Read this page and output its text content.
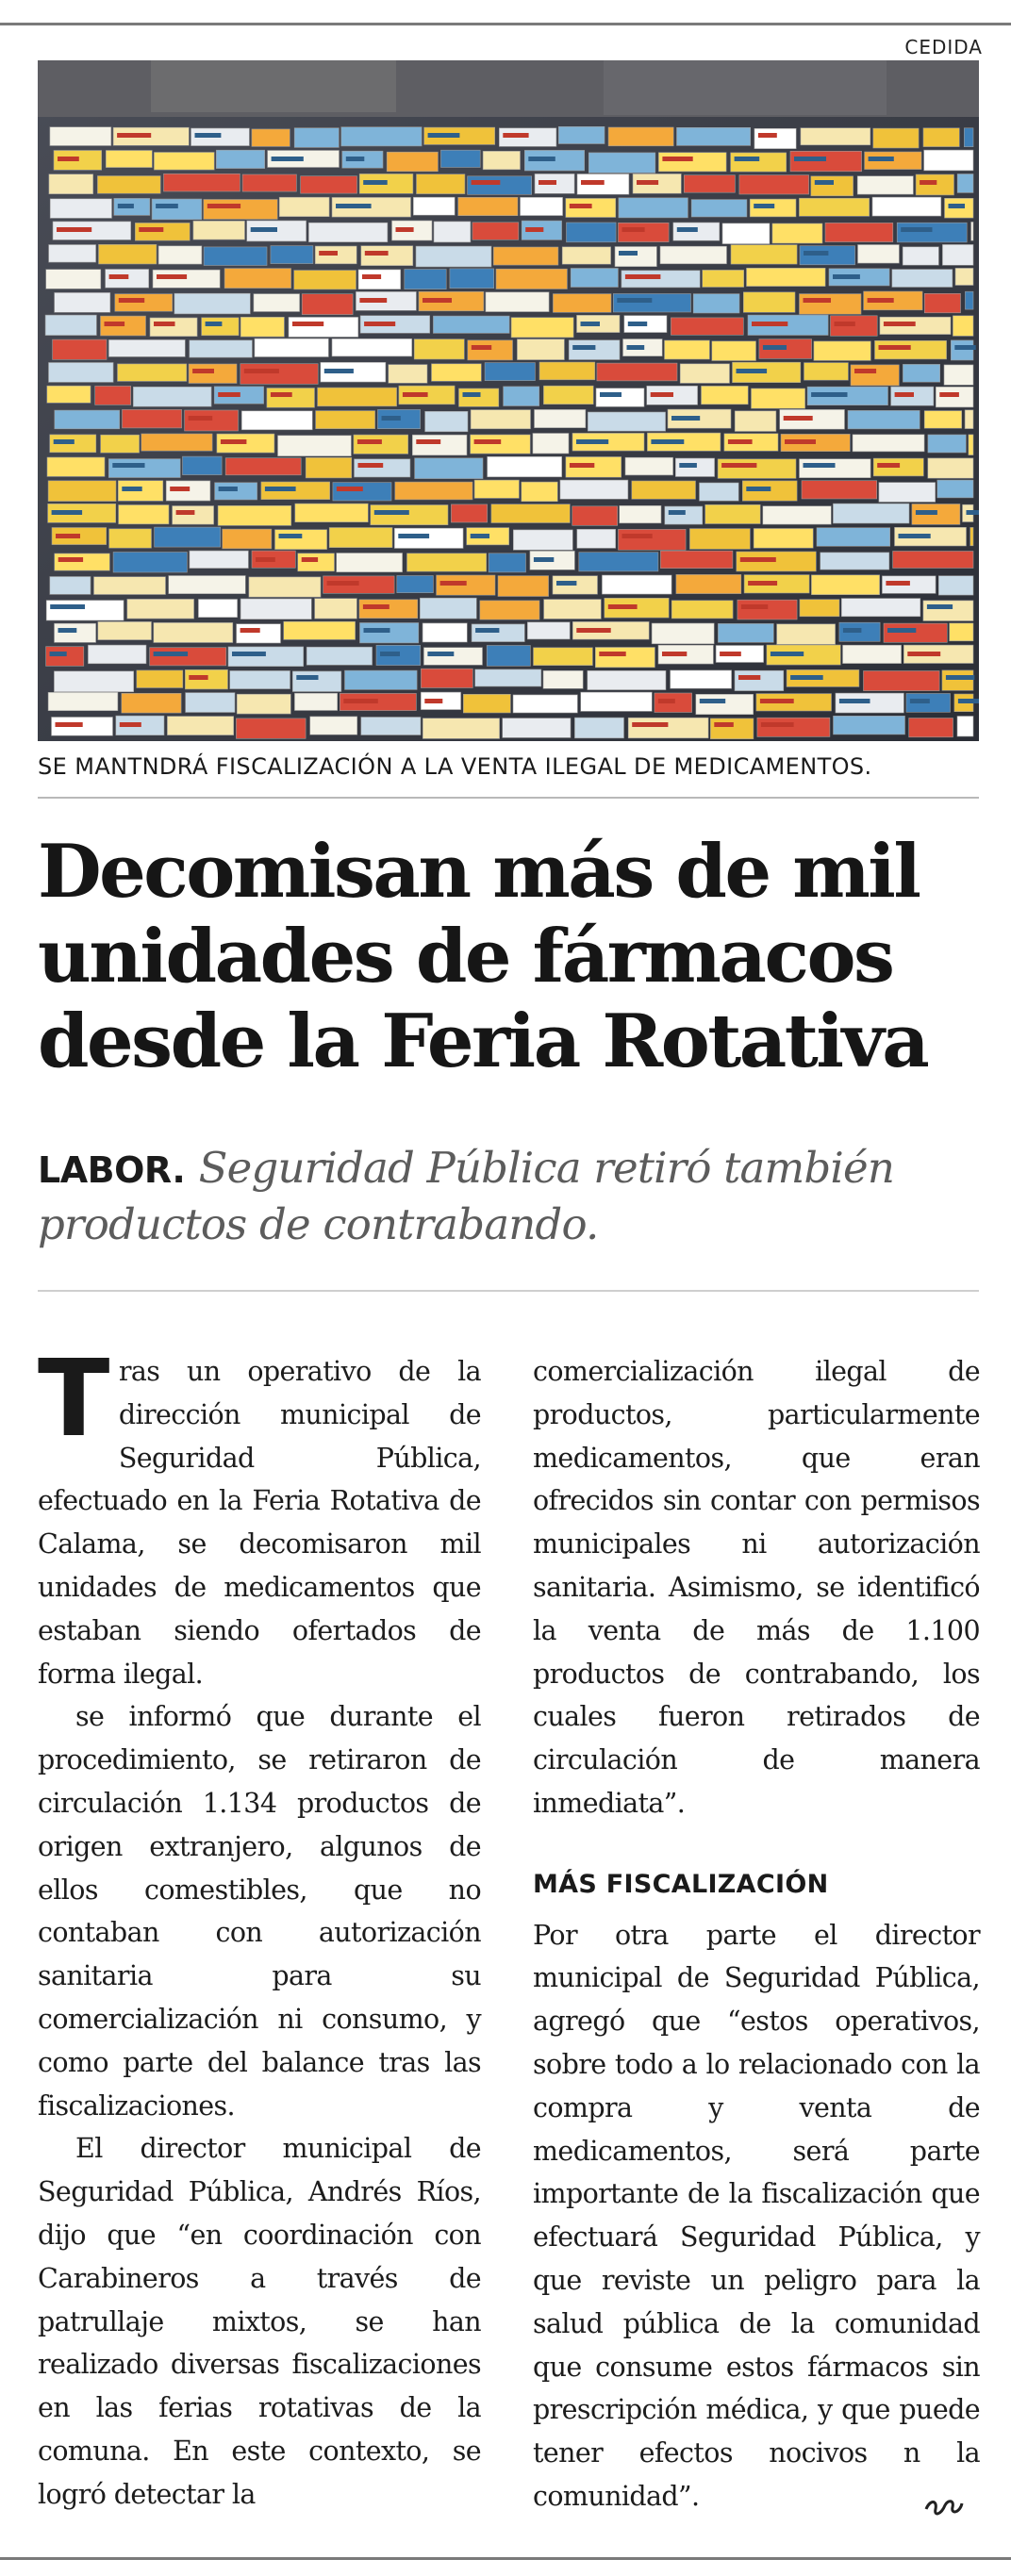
CEDIDA
SE MANTNDRÁ FISCALIZACIÓN A LA VENTA ILEGAL DE MEDICAMENTOS.
Decomisan más de mil
unidades de fármacos
desde la Feria Rotativa
LABOR. Seguridad Pública retiró también productos de contrabando.

Tras un operativo de la dirección municipal de Seguridad Pública, efectuado en la Feria Rotativa de Calama, se decomisaron mil unidades de medicamentos que estaban siendo ofertados de forma ilegal.

se informó que durante el procedimiento, se retiraron de circulación 1.134 productos de origen extranjero, algunos de ellos comestibles, que no contaban con autorización sanitaria para su comercialización ni consumo, y como parte del balance tras las fiscalizaciones.

El director municipal de Seguridad Pública, Andrés Ríos, dijo que “en coordinación con Carabineros a través de patrullaje mixtos, se han realizado diversas fiscalizaciones en las ferias rotativas de la comuna. En este contexto, se logró detectar la

comercialización ilegal de productos, particularmente medicamentos, que eran ofrecidos sin contar con permisos municipales ni autorización sanitaria. Asimismo, se identificó la venta de más de 1.100 productos de contrabando, los cuales fueron retirados de circulación de manera inmediata”.

MÁS FISCALIZACIÓN

Por otra parte el director municipal de Seguridad Pública, agregó que “estos operativos, sobre todo a lo relacionado con la compra y venta de medicamentos, será parte importante de la fiscalización que efectuará Seguridad Pública, y que reviste un peligro para la salud pública de la comunidad que consume estos fármacos sin prescripción médica, y que puede tener efectos nocivos n la comunidad”.
